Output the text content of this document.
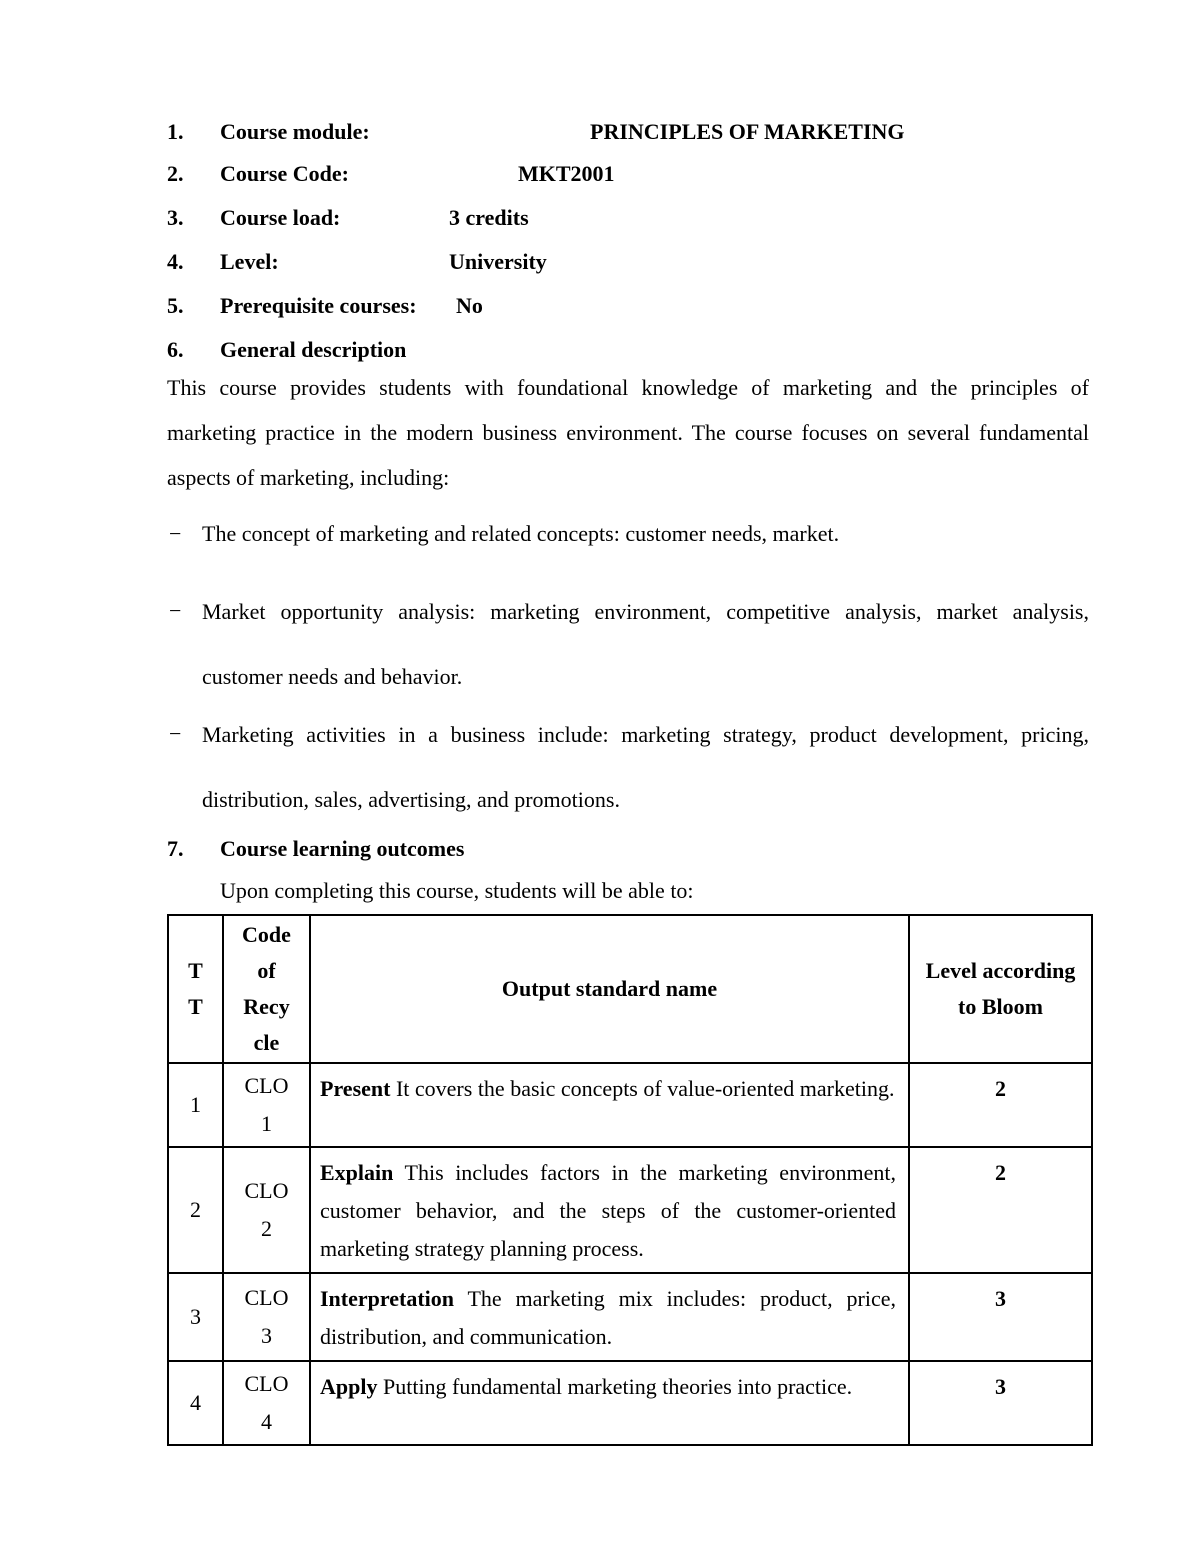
1. Course module:	PRINCIPLES OF MARKETING
2. Course Code:	MKT2001
3. Course load:	3 credits
4. Level:	University
5. Prerequisite courses: No
6. General description
This course provides students with foundational knowledge of marketing and the principles of marketing practice in the modern business environment. The course focuses on several fundamental aspects of marketing, including:
− The concept of marketing and related concepts: customer needs, market.
− Market opportunity analysis: marketing environment, competitive analysis, market analysis, customer needs and behavior.
− Marketing activities in a business include: marketing strategy, product development, pricing, distribution, sales, advertising, and promotions.
7. Course learning outcomes
Upon completing this course, students will be able to:
T T	Code of Recy cle	Output standard name	Level according to Bloom

1	CLO 1	Present It covers the basic concepts of value-oriented marketing.	2
2	CLO 2	Explain This includes factors in the marketing environment, customer behavior, and the steps of the customer-oriented marketing strategy planning process.	2
3	CLO 3	Interpretation The marketing mix includes: product, price, distribution, and communication.	3
4	CLO 4	Apply Putting fundamental marketing theories into practice.	3
